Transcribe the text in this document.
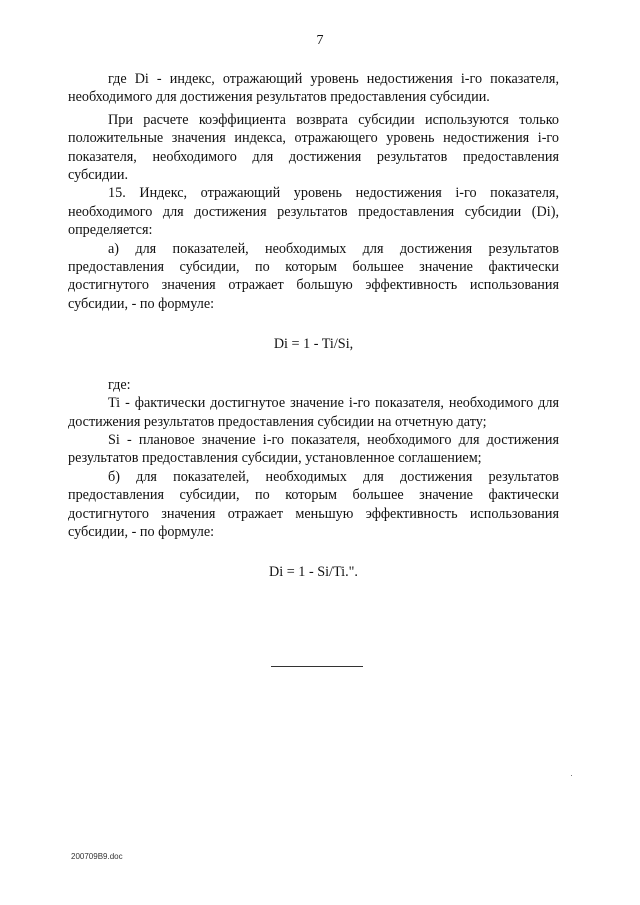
7

где Di - индекс, отражающий уровень недостижения i-го показателя, необходимого для достижения результатов предоставления субсидии.

При расчете коэффициента возврата субсидии используются только положительные значения индекса, отражающего уровень недостижения i-го показателя, необходимого для достижения результатов предоставления субсидии.

15. Индекс, отражающий уровень недостижения i-го показателя, необходимого для достижения результатов предоставления субсидии (Di), определяется:

а) для показателей, необходимых для достижения результатов предоставления субсидии, по которым большее значение фактически достигнутого значения отражает большую эффективность использования субсидии, - по формуле:

Di = 1 - Ti/Si,

где:

Ti - фактически достигнутое значение i-го показателя, необходимого для достижения результатов предоставления субсидии на отчетную дату;

Si - плановое значение i-го показателя, необходимого для достижения результатов предоставления субсидии, установленное соглашением;

б) для показателей, необходимых для достижения результатов предоставления субсидии, по которым большее значение фактически достигнутого значения отражает меньшую эффективность использования субсидии, - по формуле:

Di = 1 - Si/Ti.".
200709B9.doc
